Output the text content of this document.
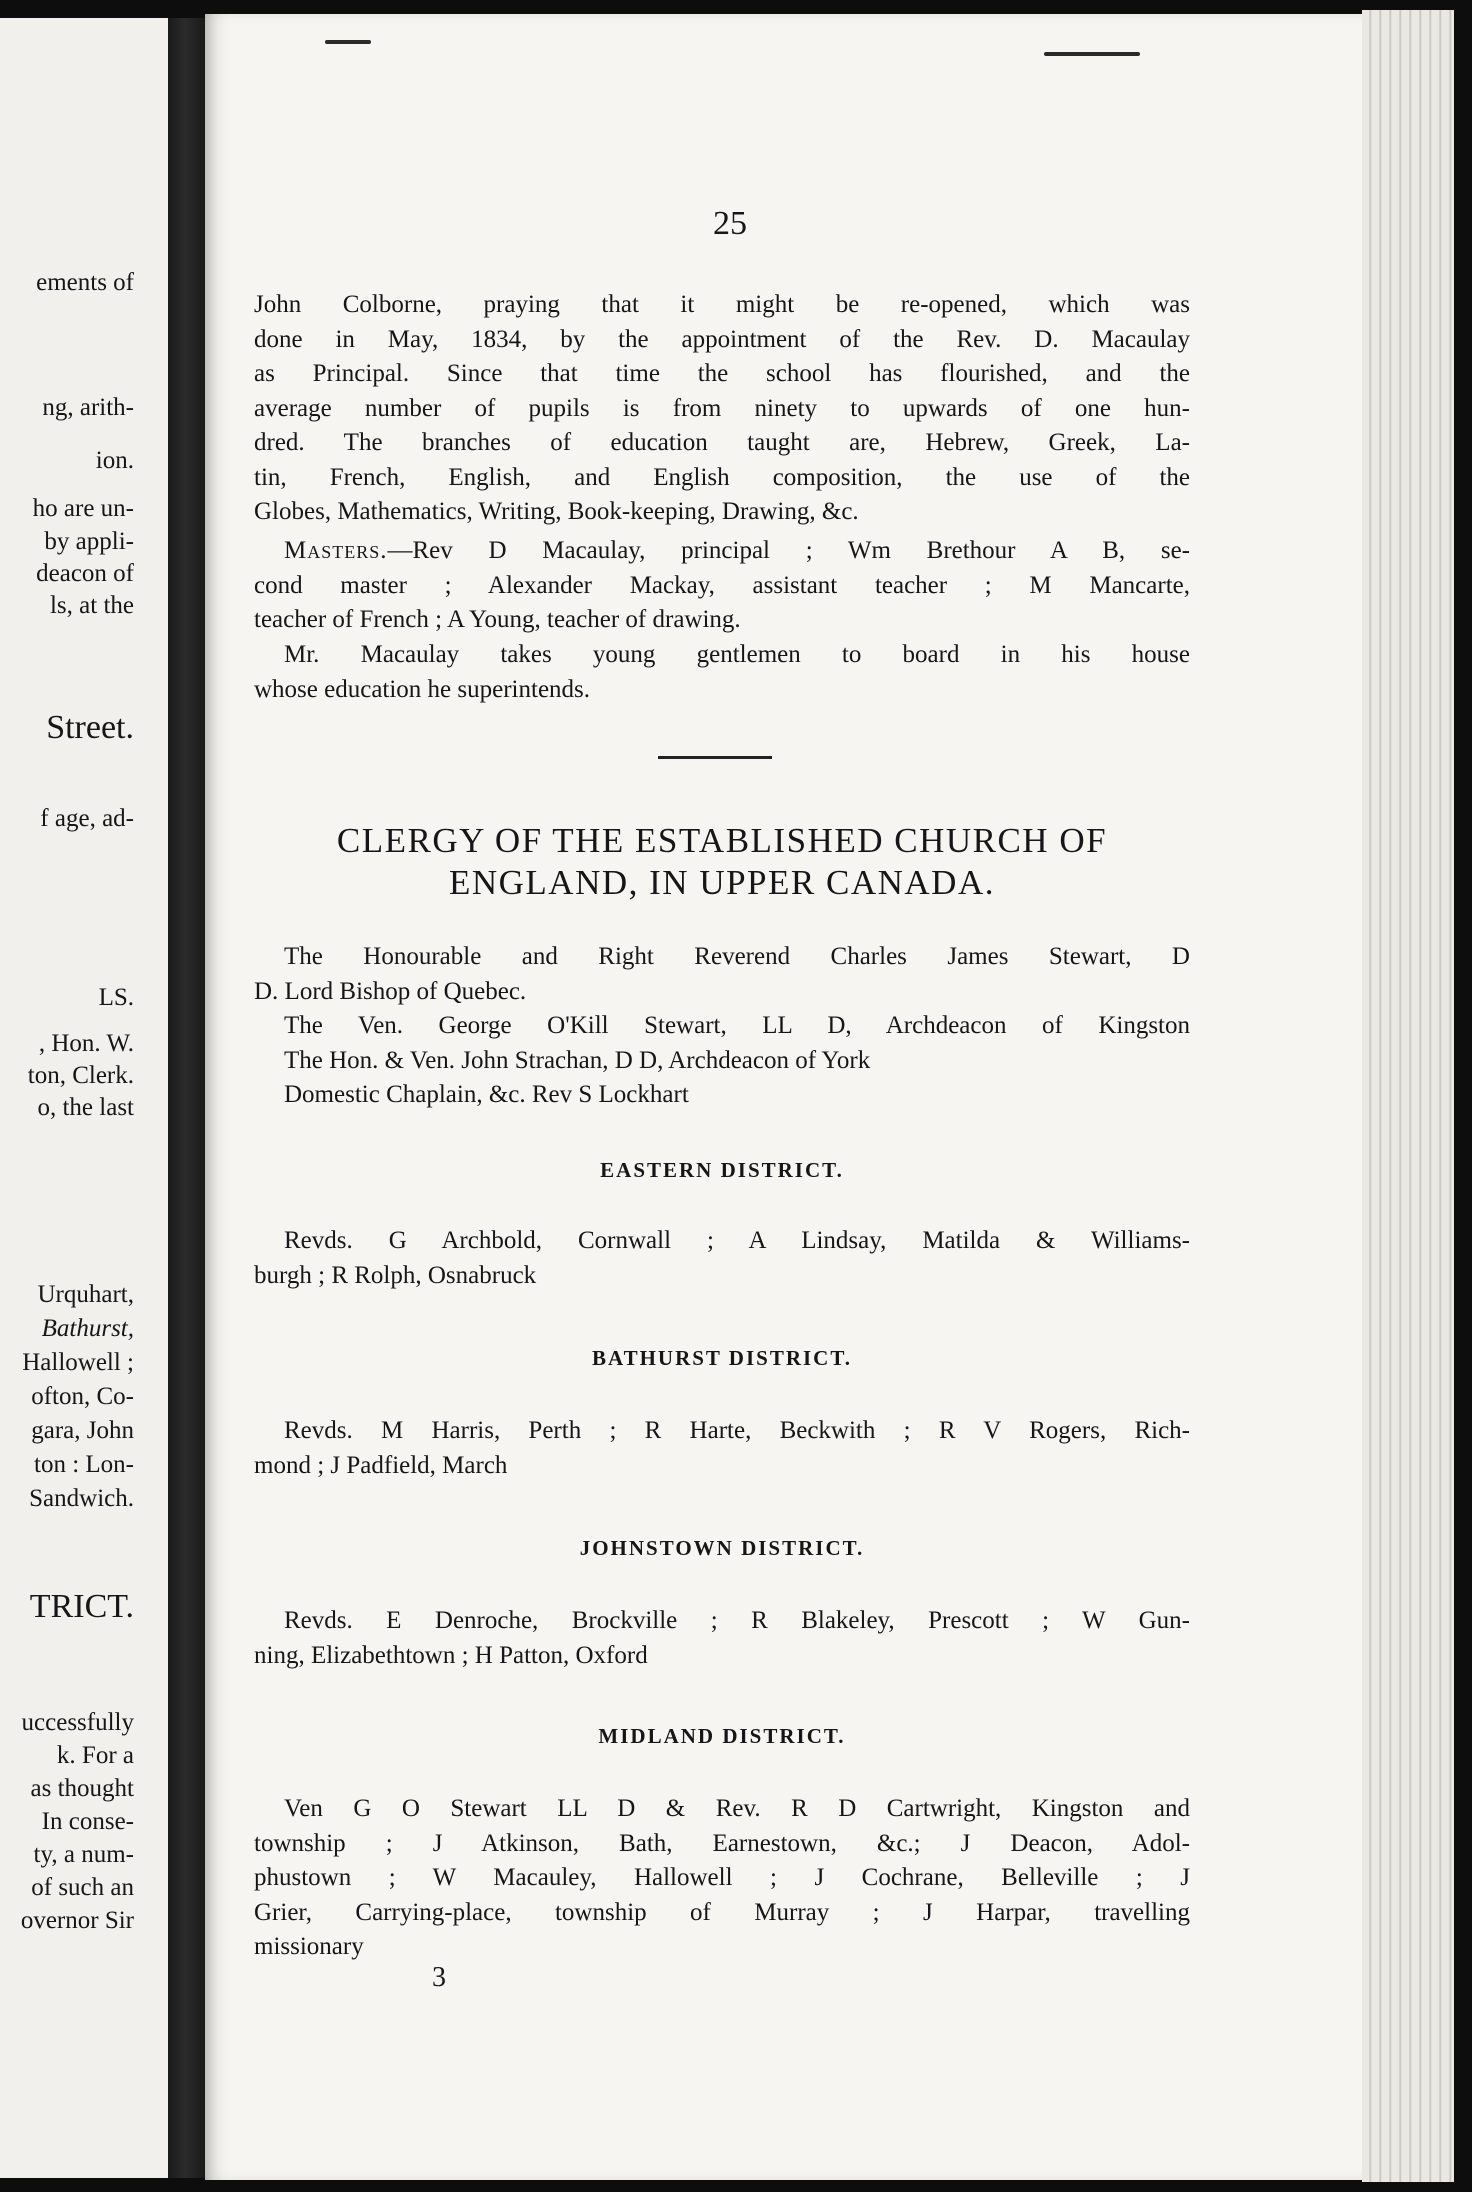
ements of
ng, arith-
ion.
ho are un-
by appli-
deacon of
ls, at the
Street.
f age, ad-
LS.
, Hon. W.
ton, Clerk.
o, the last
Urquhart,
Bathurst,
Hallowell ;
ofton, Co-
gara, John
ton : Lon-
Sandwich.
TRICT.
uccessfully
k. For a
as thought
In conse-
ty, a num-
of such an
overnor Sir
25
John Colborne, praying that it might be re-opened, which was
done in May, 1834, by the appointment of the Rev. D. Macaulay
as Principal. Since that time the school has flourished, and the
average number of pupils is from ninety to upwards of one hun-
dred. The branches of education taught are, Hebrew, Greek, La-
tin, French, English, and English composition, the use of the
Globes, Mathematics, Writing, Book-keeping, Drawing, &c.
Masters.—Rev D Macaulay, principal ; Wm Brethour A B, se-
cond master ; Alexander Mackay, assistant teacher ; M Mancarte,
teacher of French ; A Young, teacher of drawing.
Mr. Macaulay takes young gentlemen to board in his house
whose education he superintends.
CLERGY OF THE ESTABLISHED CHURCH OF
ENGLAND, IN UPPER CANADA.
The Honourable and Right Reverend Charles James Stewart, D
D. Lord Bishop of Quebec.
The Ven. George O'Kill Stewart, LL D, Archdeacon of Kingston
The Hon. & Ven. John Strachan, D D, Archdeacon of York
Domestic Chaplain, &c. Rev S Lockhart
EASTERN DISTRICT.
Revds. G Archbold, Cornwall ; A Lindsay, Matilda & Williams-
burgh ; R Rolph, Osnabruck
BATHURST DISTRICT.
Revds. M Harris, Perth ; R Harte, Beckwith ; R V Rogers, Rich-
mond ; J Padfield, March
JOHNSTOWN DISTRICT.
Revds. E Denroche, Brockville ; R Blakeley, Prescott ; W Gun-
ning, Elizabethtown ; H Patton, Oxford
MIDLAND DISTRICT.
Ven G O Stewart LL D & Rev. R D Cartwright, Kingston and
township ; J Atkinson, Bath, Earnestown, &c.; J Deacon, Adol-
phustown ; W Macauley, Hallowell ; J Cochrane, Belleville ; J
Grier, Carrying-place, township of Murray ; J Harpar, travelling
missionary
3
